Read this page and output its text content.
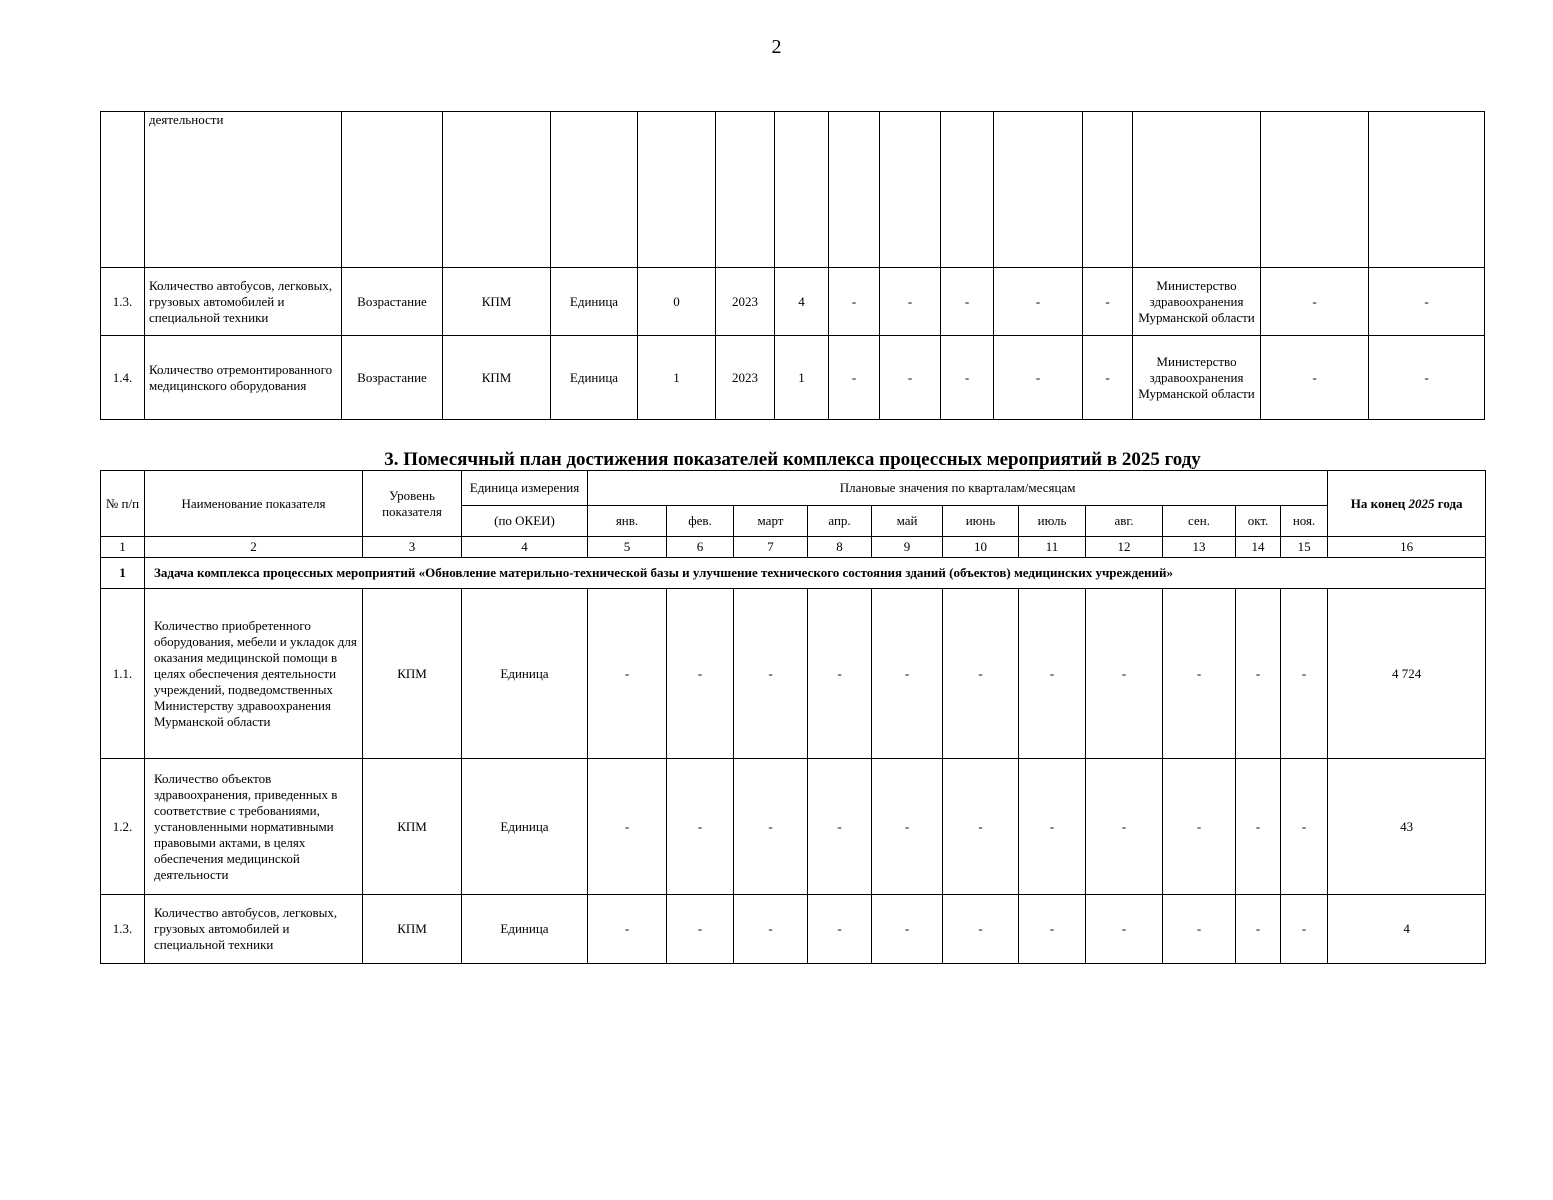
2
	деятельности														
1.3.	Количество автобусов, легковых, грузовых автомобилей и специальной техники	Возрастание	КПМ	Единица	0	2023	4	-	-	-	-	-	Министерство здравоохранения Мурманской области	-	-
1.4.	Количество отремонтированного медицинского оборудования	Возрастание	КПМ	Единица	1	2023	1	-	-	-	-	-	Министерство здравоохранения Мурманской области	-	-
3. Помесячный план достижения показателей комплекса процессных мероприятий в 2025 году
№ п/п	Наименование показателя	Уровень показателя	Единица измерения	Плановые значения по кварталам/месяцам											На конец 2025 года
			(по ОКЕИ)	янв.	фев.	март	апр.	май	июнь	июль	авг.	сен.	окт.	ноя.	
1	2	3	4	5	6	7	8	9	10	11	12	13	14	15	16
1	Задача комплекса процессных мероприятий «Обновление материльно-технической базы и улучшение технического состояния зданий (объектов) медицинских учреждений»														
1.1.	Количество приобретенного оборудования, мебели и укладок для оказания медицинской помощи в целях обеспечения деятельности учреждений, подведомственных Министерству здравоохранения Мурманской области	КПМ	Единица	-	-	-	-	-	-	-	-	-	-	-	4 724
1.2.	Количество объектов здравоохранения, приведенных в соответствие с требованиями, установленными нормативными правовыми актами, в целях обеспечения медицинской деятельности	КПМ	Единица	-	-	-	-	-	-	-	-	-	-	-	43
1.3.	Количество автобусов, легковых, грузовых автомобилей и специальной техники	КПМ	Единица	-	-	-	-	-	-	-	-	-	-	-	4
